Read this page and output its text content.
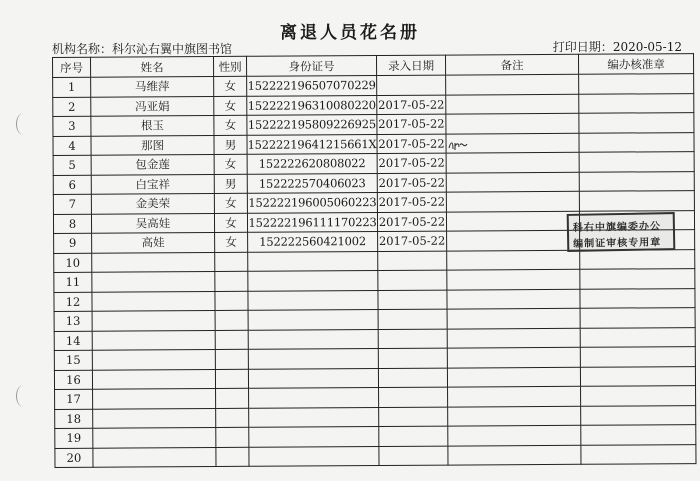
离退人员花名册
机构名称：科尔沁右翼中旗图书馆	打印日期：2020-05-12
序号	姓名	性别	身份证号	录入日期	备注	编办核准章
1	马维萍	女	152222196507070229			
2	冯亚娟	女	152222196310080220	2017-05-22		
3	根玉	女	152222195809226925	2017-05-22		
4	那图	男	15222219641215661X	2017-05-22		
5	包金莲	女	152222620808022	2017-05-22		
6	白宝祥	男	152222570406023	2017-05-22		
7	金美荣	女	152222196005060223	2017-05-22		
8	吴高娃	女	152222196111170223	2017-05-22		
9	高娃	女	152222560421002	2017-05-22		
10						
11						
12						
13						
14						
15						
16						
17						
18						
19						
20						
科右中旗编委办公
编制证审核专用章
